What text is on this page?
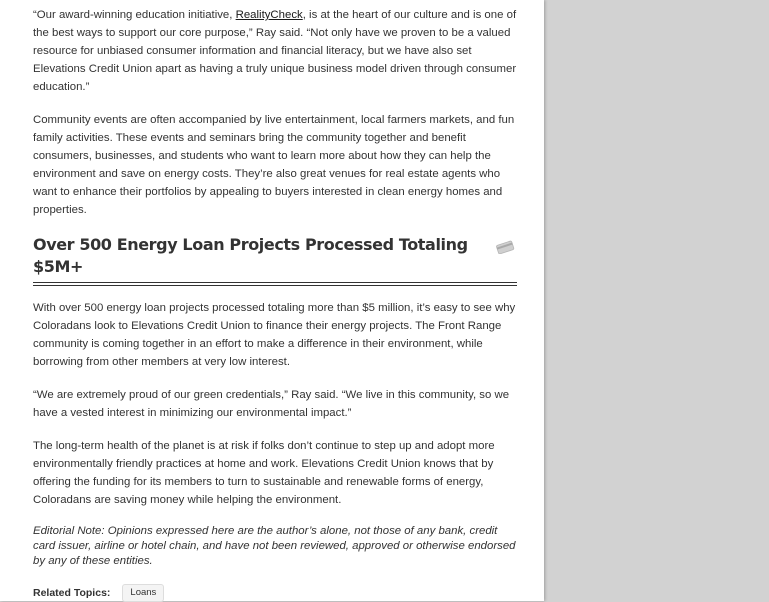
“Our award-winning education initiative, RealityCheck, is at the heart of our culture and is one of the best ways to support our core purpose,” Ray said. “Not only have we proven to be a valued resource for unbiased consumer information and financial literacy, but we have also set Elevations Credit Union apart as having a truly unique business model driven through consumer education.”

Community events are often accompanied by live entertainment, local farmers markets, and fun family activities. These events and seminars bring the community together and benefit consumers, businesses, and students who want to learn more about how they can help the environment and save on energy costs. They’re also great venues for real estate agents who want to enhance their portfolios by appealing to buyers interested in clean energy homes and properties.

Over 500 Energy Loan Projects Processed Totaling $5M+

With over 500 energy loan projects processed totaling more than $5 million, it’s easy to see why Coloradans look to Elevations Credit Union to finance their energy projects. The Front Range community is coming together in an effort to make a difference in their environment, while borrowing from other members at very low interest.

“We are extremely proud of our green credentials,” Ray said. “We live in this community, so we have a vested interest in minimizing our environmental impact.”

The long-term health of the planet is at risk if folks don’t continue to step up and adopt more environmentally friendly practices at home and work. Elevations Credit Union knows that by offering the funding for its members to turn to sustainable and renewable forms of energy, Coloradans are saving money while helping the environment.

Editorial Note: Opinions expressed here are the author’s alone, not those of any bank, credit card issuer, airline or hotel chain, and have not been reviewed, approved or otherwise endorsed by any of these entities.

Related Topics:	Loans
